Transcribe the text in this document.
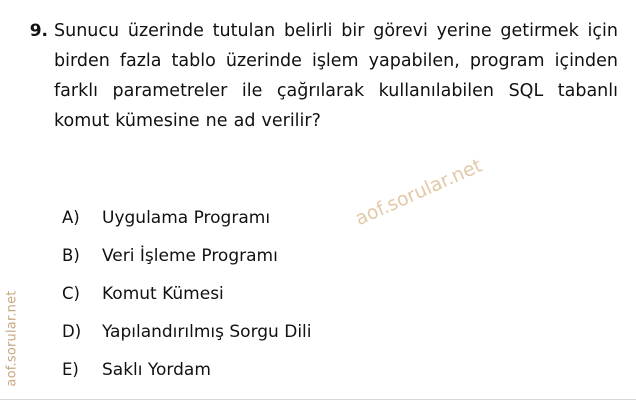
aof.sorular.net
9. Sunucu üzerinde tutulan belirli bir görevi yerine getirmek için birden fazla tablo üzerinde işlem yapabilen, program içinden farklı parametreler ile çağrılarak kullanılabilen SQL tabanlı komut kümesine ne ad verilir?
A)	Uygulama Programı
B)	Veri İşleme Programı
C)	Komut Kümesi
D)	Yapılandırılmış Sorgu Dili
E)	Saklı Yordam
aof.sorular.net
